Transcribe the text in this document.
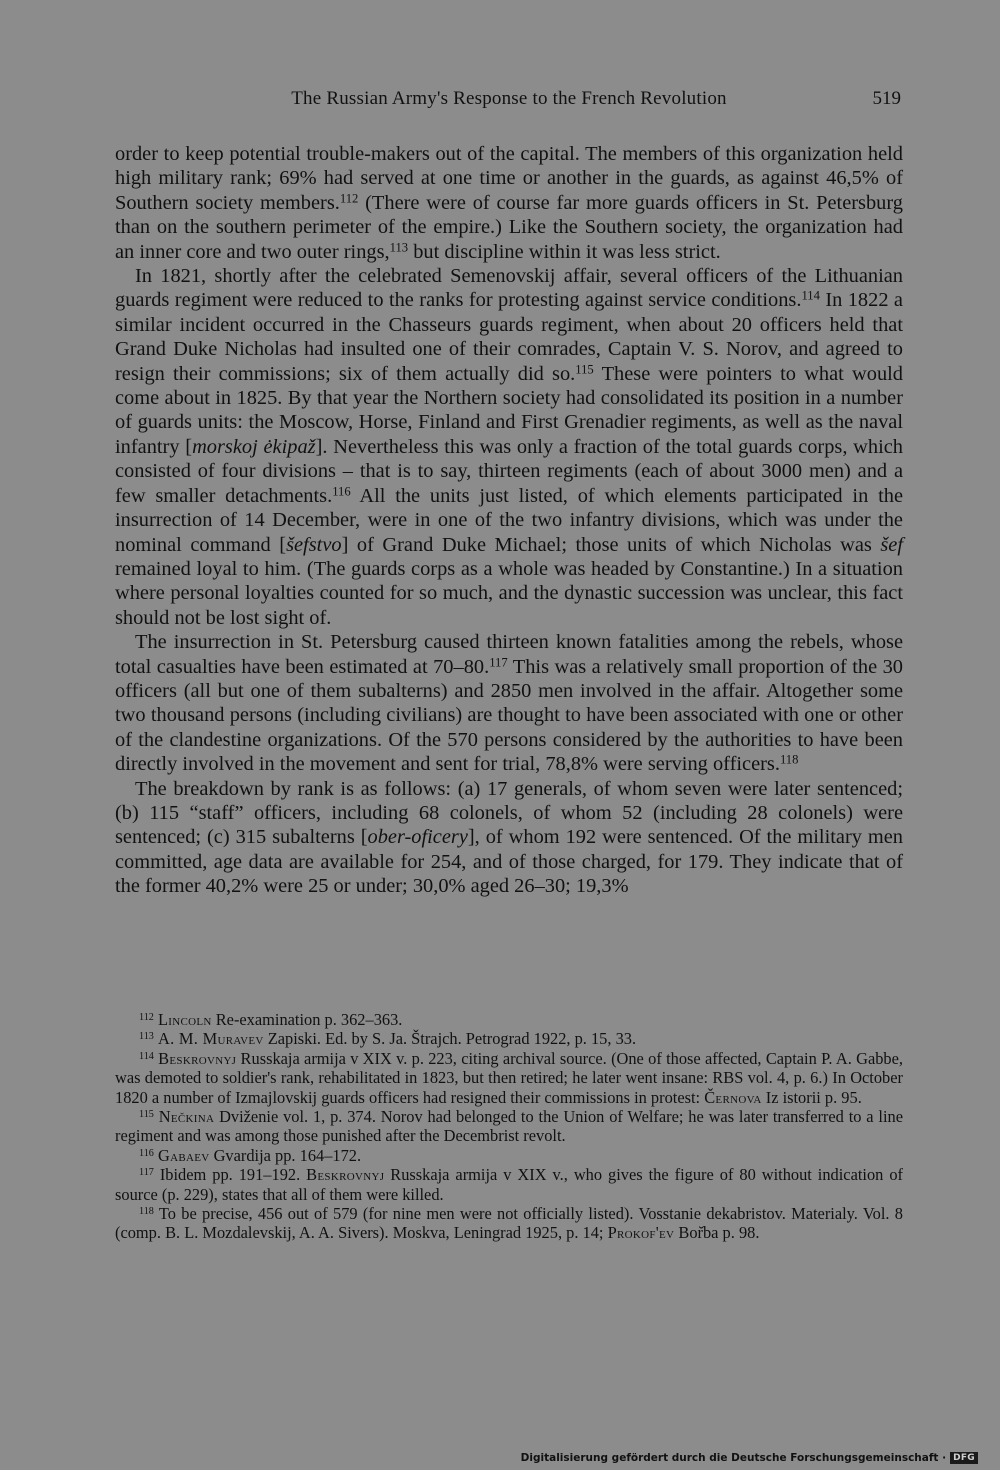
The Russian Army's Response to the French Revolution	519

order to keep potential trouble-makers out of the capital. The members of this organization held high military rank; 69% had served at one time or another in the guards, as against 46,5% of Southern society members.$^{112}$ (There were of course far more guards officers in St. Petersburg than on the southern perimeter of the empire.) Like the Southern society, the organization had an inner core and two outer rings,$^{113}$ but discipline within it was less strict.

In 1821, shortly after the celebrated Semenovskij affair, several officers of the Lithuanian guards regiment were reduced to the ranks for protesting against service conditions.$^{114}$ In 1822 a similar incident occurred in the Chasseurs guards regiment, when about 20 officers held that Grand Duke Nicholas had insulted one of their comrades, Captain V. S. Norov, and agreed to resign their commissions; six of them actually did so.$^{115}$ These were pointers to what would come about in 1825. By that year the Northern society had consolidated its position in a number of guards units: the Moscow, Horse, Finland and First Grenadier regiments, as well as the naval infantry [morskoj ėkipaž]. Nevertheless this was only a fraction of the total guards corps, which consisted of four divisions – that is to say, thirteen regiments (each of about 3000 men) and a few smaller detachments.$^{116}$ All the units just listed, of which elements participated in the insurrection of 14 December, were in one of the two infantry divisions, which was under the nominal command [šefstvo] of Grand Duke Michael; those units of which Nicholas was šef remained loyal to him. (The guards corps as a whole was headed by Constantine.) In a situation where personal loyalties counted for so much, and the dynastic succession was unclear, this fact should not be lost sight of.

The insurrection in St. Petersburg caused thirteen known fatalities among the rebels, whose total casualties have been estimated at 70–80.$^{117}$ This was a relatively small proportion of the 30 officers (all but one of them subalterns) and 2850 men involved in the affair. Altogether some two thousand persons (including civilians) are thought to have been associated with one or other of the clandestine organizations. Of the 570 persons considered by the authorities to have been directly involved in the movement and sent for trial, 78,8% were serving officers.$^{118}$

The breakdown by rank is as follows: (a) 17 generals, of whom seven were later sentenced; (b) 115 “staff” officers, including 68 colonels, of whom 52 (including 28 colonels) were sentenced; (c) 315 subalterns [ober-oficery], of whom 192 were sentenced. Of the military men committed, age data are available for 254, and of those charged, for 179. They indicate that of the former 40,2% were 25 or under; 30,0% aged 26–30; 19,3%

$^{112}$ Lincoln Re-examination p. 362–363.

$^{113}$ A. M. Muravev Zapiski. Ed. by S. Ja. Štrajch. Petrograd 1922, p. 15, 33.

$^{114}$ Beskrovnyj Russkaja armija v XIX v. p. 223, citing archival source. (One of those affected, Captain P. A. Gabbe, was demoted to soldier's rank, rehabilitated in 1823, but then retired; he later went insane: RBS vol. 4, p. 6.) In October 1820 a number of Izmajlovskij guards officers had resigned their commissions in protest: Černova Iz istorii p. 95.

$^{115}$ Nečkina Dviženie vol. 1, p. 374. Norov had belonged to the Union of Welfare; he was later transferred to a line regiment and was among those punished after the Decembrist revolt.

$^{116}$ Gabaev Gvardija pp. 164–172.

$^{117}$ Ibidem pp. 191–192. Beskrovnyj Russkaja armija v XIX v., who gives the figure of 80 without indication of source (p. 229), states that all of them were killed.

$^{118}$ To be precise, 456 out of 579 (for nine men were not officially listed). Vosstanie dekabristov. Materialy. Vol. 8 (comp. B. L. Mozdalevskij, A. A. Sivers). Moskva, Leningrad 1925, p. 14; Prokof'ev Bor̆ba p. 98.

Digitalisierung gefördert durch die Deutsche Forschungsgemeinschaft · DFG
